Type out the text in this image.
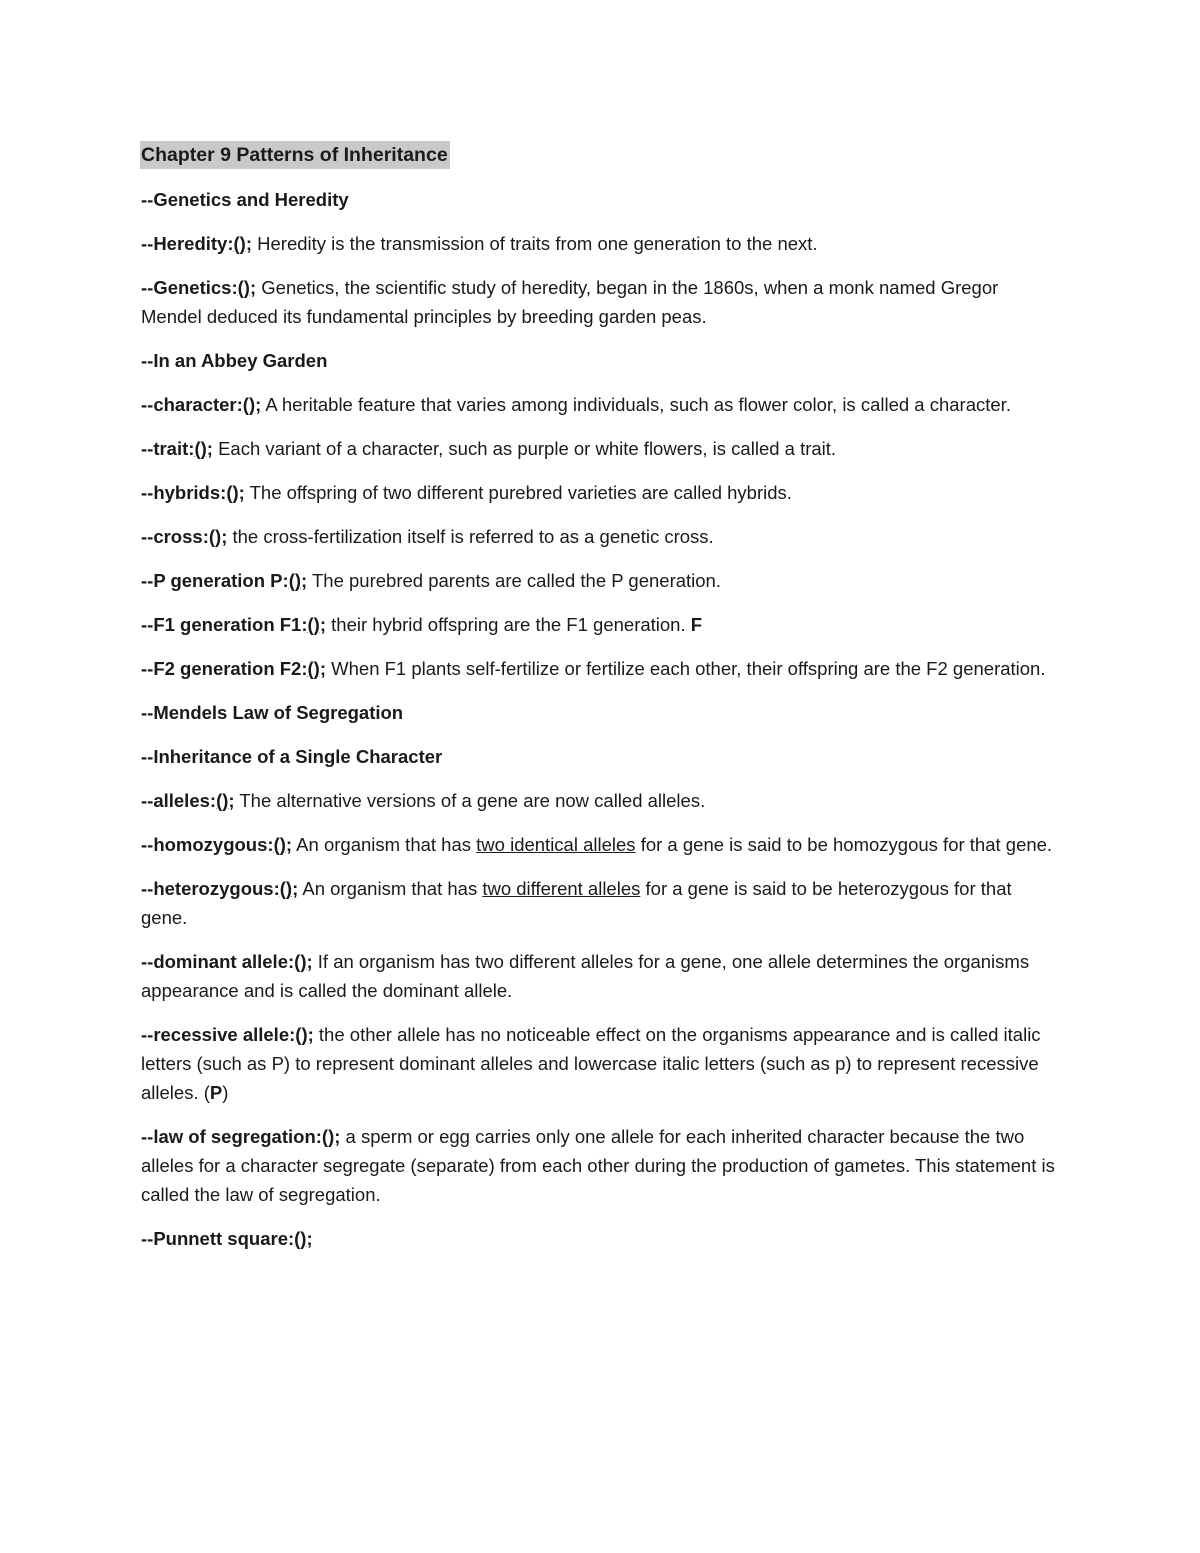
Chapter 9 Patterns of Inheritance
--Genetics and Heredity
--Heredity:(); Heredity is the transmission of traits from one generation to the next.
--Genetics:(); Genetics, the scientific study of heredity, began in the 1860s, when a monk named Gregor Mendel deduced its fundamental principles by breeding garden peas.
--In an Abbey Garden
--character:(); A heritable feature that varies among individuals, such as flower color, is called a character.
--trait:(); Each variant of a character, such as purple or white flowers, is called a trait.
--hybrids:(); The offspring of two different purebred varieties are called hybrids.
--cross:(); the cross-fertilization itself is referred to as a genetic cross.
--P generation P:(); The purebred parents are called the P generation.
--F1 generation F1:(); their hybrid offspring are the F1 generation. F
--F2 generation F2:(); When F1 plants self-fertilize or fertilize each other, their offspring are the F2 generation.
--Mendels Law of Segregation
--Inheritance of a Single Character
--alleles:(); The alternative versions of a gene are now called alleles.
--homozygous:(); An organism that has two identical alleles for a gene is said to be homozygous for that gene.
--heterozygous:(); An organism that has two different alleles for a gene is said to be heterozygous for that gene.
--dominant allele:(); If an organism has two different alleles for a gene, one allele determines the organisms appearance and is called the dominant allele.
--recessive allele:(); the other allele has no noticeable effect on the organisms appearance and is called italic letters (such as P) to represent dominant alleles and lowercase italic letters (such as p) to represent recessive alleles. (P)
--law of segregation:(); a sperm or egg carries only one allele for each inherited character because the two alleles for a character segregate (separate) from each other during the production of gametes. This statement is called the law of segregation.
--Punnett square:();
